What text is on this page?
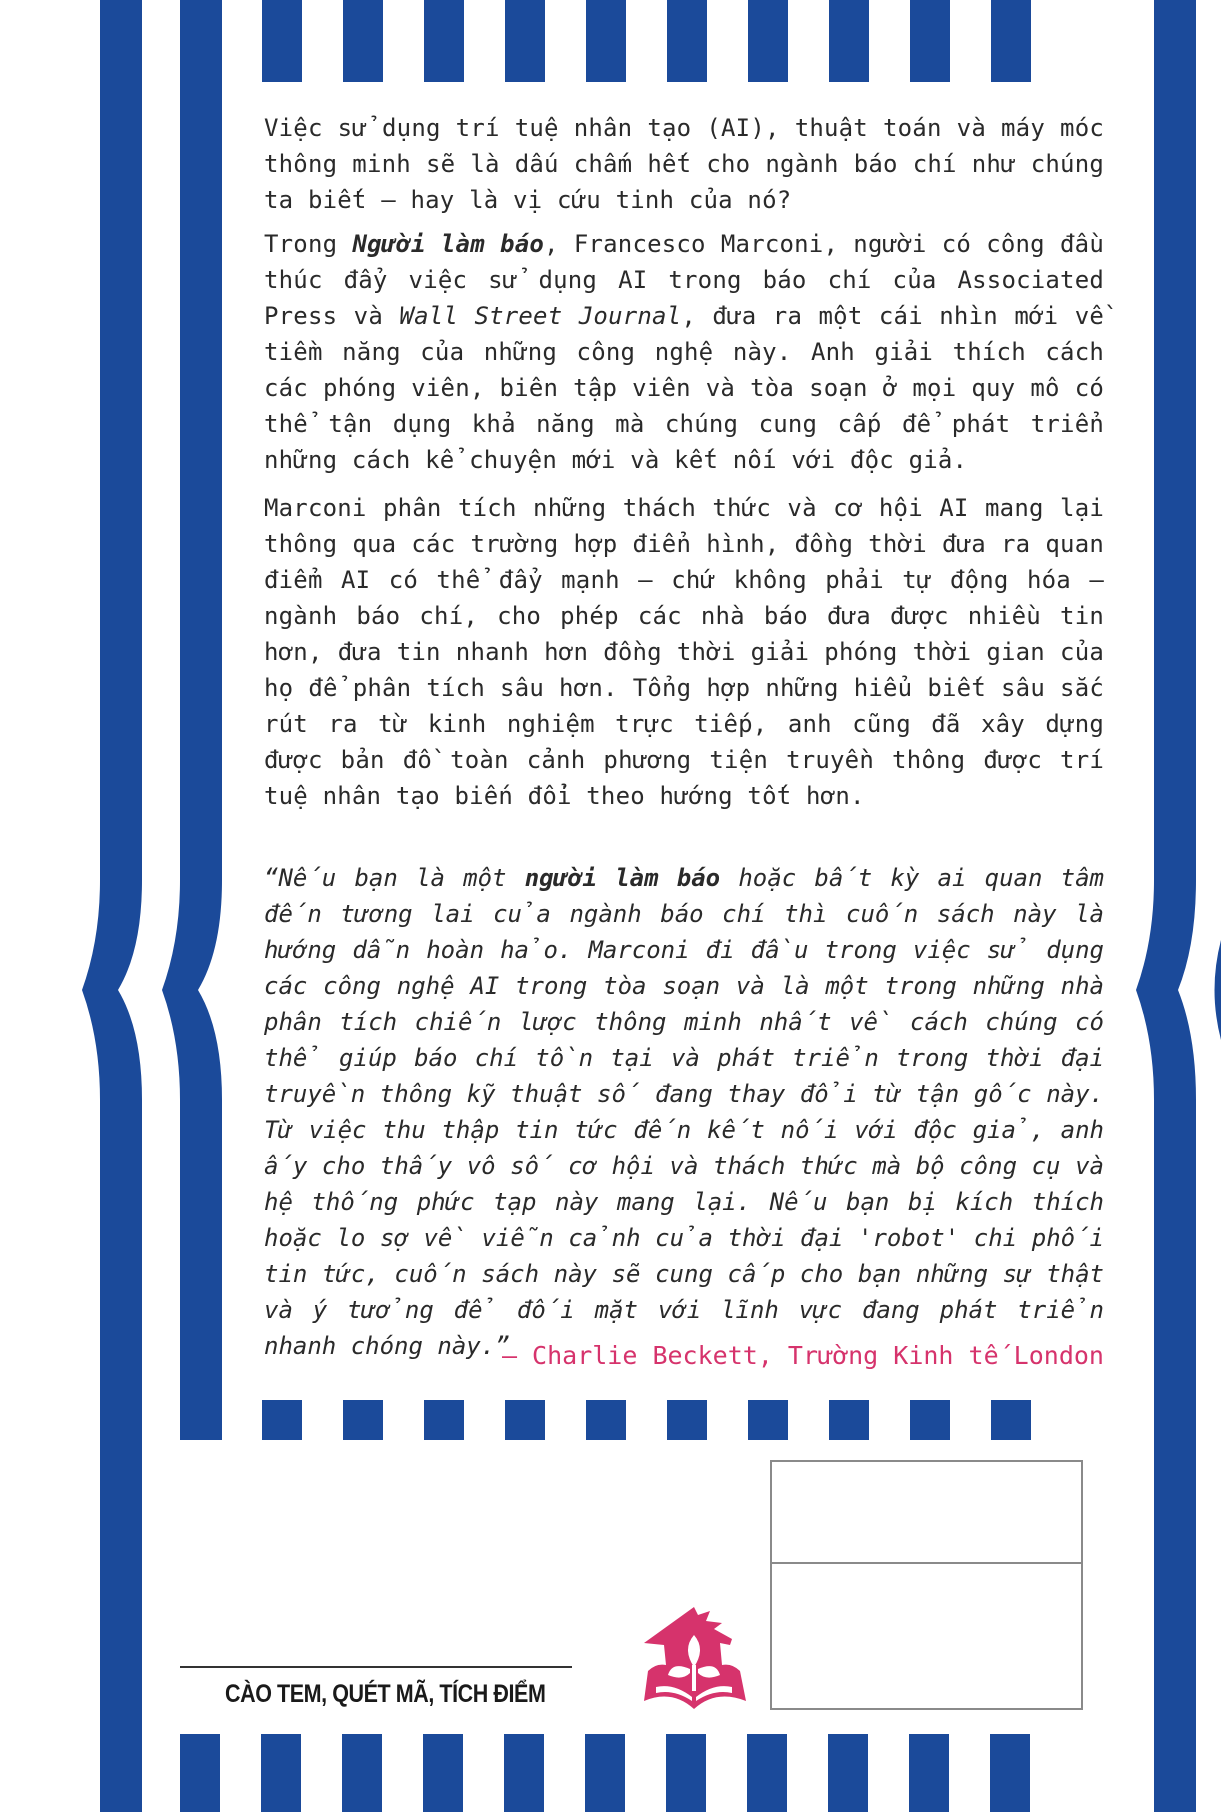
Việc sử dụng trí tuệ nhân tạo (AI), thuật toán và máy móc thông minh sẽ là dấu chấm hết cho ngành báo chí như chúng ta biết – hay là vị cứu tinh của nó?

Trong Người làm báo, Francesco Marconi, người có công đầu thúc đẩy việc sử dụng AI trong báo chí của Associated Press và Wall Street Journal, đưa ra một cái nhìn mới về tiềm năng của những công nghệ này. Anh giải thích cách các phóng viên, biên tập viên và tòa soạn ở mọi quy mô có thể tận dụng khả năng mà chúng cung cấp để phát triển những cách kể chuyện mới và kết nối với độc giả.

Marconi phân tích những thách thức và cơ hội AI mang lại thông qua các trường hợp điển hình, đồng thời đưa ra quan điểm AI có thể đẩy mạnh – chứ không phải tự động hóa – ngành báo chí, cho phép các nhà báo đưa được nhiều tin hơn, đưa tin nhanh hơn đồng thời giải phóng thời gian của họ để phân tích sâu hơn. Tổng hợp những hiểu biết sâu sắc rút ra từ kinh nghiệm trực tiếp, anh cũng đã xây dựng được bản đồ toàn cảnh phương tiện truyền thông được trí tuệ nhân tạo biến đổi theo hướng tốt hơn.

“Nếu bạn là một người làm báo hoặc bất kỳ ai quan tâm đến tương lai của ngành báo chí thì cuốn sách này là hướng dẫn hoàn hảo. Marconi đi đầu trong việc sử dụng các công nghệ AI trong tòa soạn và là một trong những nhà phân tích chiến lược thông minh nhất về cách chúng có thể giúp báo chí tồn tại và phát triển trong thời đại truyền thông kỹ thuật số đang thay đổi từ tận gốc này. Từ việc thu thập tin tức đến kết nối với độc giả, anh ấy cho thấy vô số cơ hội và thách thức mà bộ công cụ và hệ thống phức tạp này mang lại. Nếu bạn bị kích thích hoặc lo sợ về viễn cảnh của thời đại 'robot' chi phối tin tức, cuốn sách này sẽ cung cấp cho bạn những sự thật và ý tưởng để đối mặt với lĩnh vực đang phát triển nhanh chóng này.”

– Charlie Beckett, Trường Kinh tế London

CÀO TEM, QUÉT MÃ, TÍCH ĐIỂM
